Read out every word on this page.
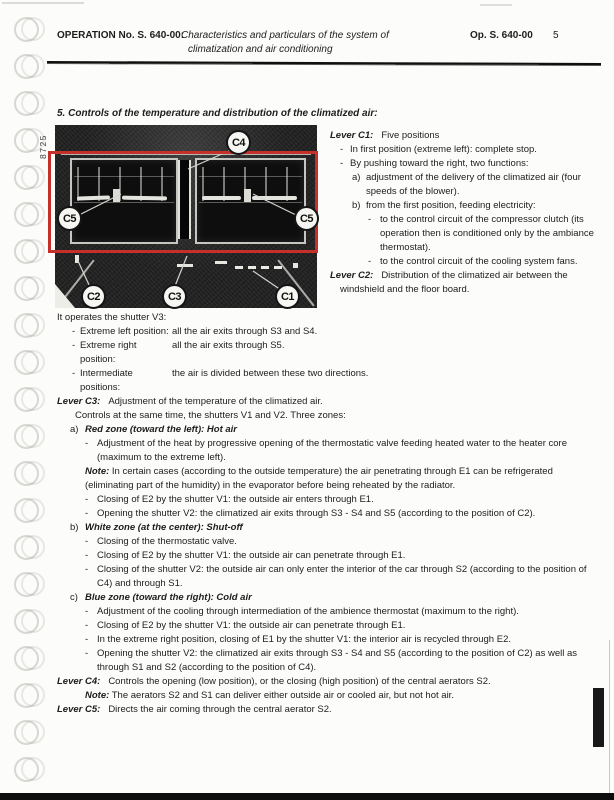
OPERATION No. S. 640-00:
Characteristics and particulars of the system of
climatization and air conditioning
Op. S. 640-00 5
5. Controls of the temperature and distribution of the climatized air:
C4
C5	C5
C2	C3	C1
8725	Lever C1: Five positions

- In first position (extreme left): complete stop.

- By pushing toward the right, two functions:

a) adjustment of the delivery of the climatized air (four speeds of the blower).

b) from the first position, feeding electricity:

- to the control circuit of the compressor clutch (its operation then is conditioned only by the ambiance thermostat).

- to the control circuit of the cooling system fans.

Lever C2: Distribution of the climatized air between the windshield and the floor board.

It operates the shutter V3:

- Extreme left position: all the air exits through S3 and S4.

- Extreme right position:
all the air exits through S5.

- Intermediate positions:
the air is divided between these two directions.

Lever C3: Adjustment of the temperature of the climatized air.

Controls at the same time, the shutters V1 and V2. Three zones:

a) Red zone (toward the left): Hot air

- Adjustment of the heat by progressive opening of the thermostatic valve feeding heated water to the heater core (maximum to the extreme left).

Note: In certain cases (according to the outside temperature) the air penetrating through E1 can be refrigerated (eliminating part of the humidity) in the evaporator before being reheated by the radiator.

- Closing of E2 by the shutter V1: the outside air enters through E1.

- Opening the shutter V2: the climatized air exits through S3 - S4 and S5 (according to the position of C2).

b) White zone (at the center): Shut-off

- Closing of the thermostatic valve.

- Closing of E2 by the shutter V1: the outside air can penetrate through E1.

- Closing of the shutter V2: the outside air can only enter the interior of the car through S2 (according to the position of C4) and through S1.

c) Blue zone (toward the right): Cold air

- Adjustment of the cooling through intermediation of the ambience thermostat (maximum to the right).

- Closing of E2 by the shutter V1: the outside air can penetrate through E1.

- In the extreme right position, closing of E1 by the shutter V1: the interior air is recycled through E2.

- Opening the shutter V2: the climatized air exits through S3 - S4 and S5 (according to the position of C2) as well as through S1 and S2 (according to the position of C4).

Lever C4: Controls the opening (low position), or the closing (high position) of the central aerators S2.

Note: The aerators S2 and S1 can deliver either outside air or cooled air, but not hot air.

Lever C5: Directs the air coming through the central aerator S2.
